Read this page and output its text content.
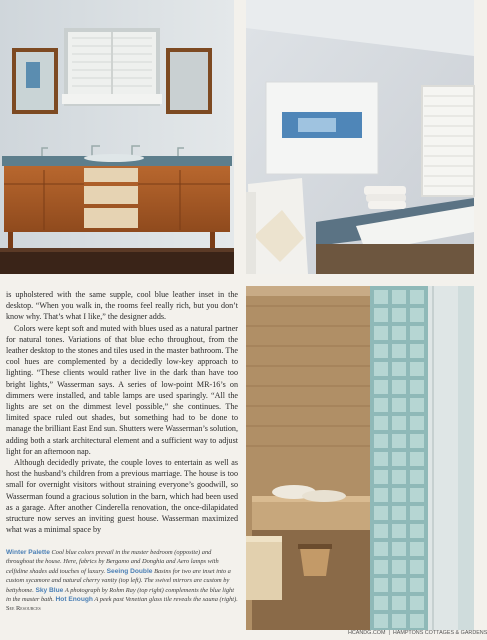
is upholstered with the same supple, cool blue leather inset in the desktop. “When you walk in, the rooms feel really rich, but you don’t know why. That’s what I like,” the designer adds.

Colors were kept soft and muted with blues used as a natural partner for natural tones. Variations of that blue echo throughout, from the leather desktop to the stones and tiles used in the master bathroom. The cool hues are complemented by a decidedly low-key approach to lighting. “These clients would rather live in the dark than have too bright lights,” Wasserman says. A series of low-point MR-16’s on dimmers were installed, and table lamps are used sparingly. “All the lights are set on the dimmest level possible,” she continues. The limited space ruled out shades, but something had to be done to manage the brilliant East End sun. Shutters were Wasserman’s solution, adding both a stark architectural element and a sufficient way to adjust light for an afternoon nap.

Although decidedly private, the couple loves to entertain as well as host the husband’s children from a previous marriage. The house is too small for overnight visitors without straining everyone’s goodwill, so Wasserman found a gracious solution in the barn, which had been used as a garage. After another Cinderella renovation, the once-dilapidated structure now serves an inviting guest house. Wasserman maximized what was a minimal space by

Winter Palette Cool blue colors prevail in the master bedroom (opposite) and throughout the house. Here, fabrics by Bergamo and Donghia and Aero lamps with celfidine shades add touches of luxury. Seeing Double Basins for two are inset into a custom sycamore and natural cherry vanity (top left). The swivel mirrors are custom by bettyhome. Sky Blue A photograph by Rohm Ray (top right) complements the blue light in the master bath. Hot Enough A peek past Venetian glass tile reveals the sauna (right). See Resources
HCANDG.COM | HAMPTONS COTTAGES & GARDENS
